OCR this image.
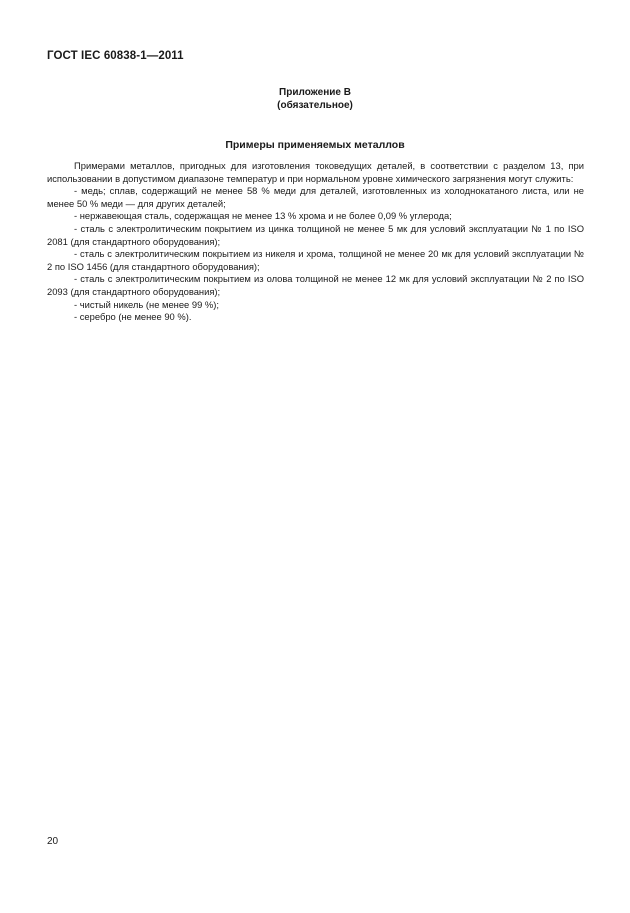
ГОСТ IEC 60838-1—2011
Приложение В
(обязательное)
Примеры применяемых металлов

Примерами металлов, пригодных для изготовления токоведущих деталей, в соответствии с разделом 13, при использовании в допустимом диапазоне температур и при нормальном уровне химического загрязнения могут служить:

- медь; сплав, содержащий не менее 58 % меди для деталей, изготовленных из холоднокатаного листа, или не менее 50 % меди — для других деталей;

- нержавеющая сталь, содержащая не менее 13 % хрома и не более 0,09 % углерода;

- сталь с электролитическим покрытием из цинка толщиной не менее 5 мк для условий эксплуатации № 1 по ISO 2081 (для стандартного оборудования);

- сталь с электролитическим покрытием из никеля и хрома, толщиной не менее 20 мк для условий эксплуатации № 2 по ISO 1456 (для стандартного оборудования);

- сталь с электролитическим покрытием из олова толщиной не менее 12 мк для условий эксплуатации № 2 по ISO 2093 (для стандартного оборудования);

- чистый никель (не менее 99 %);

- серебро (не менее 90 %).

20
